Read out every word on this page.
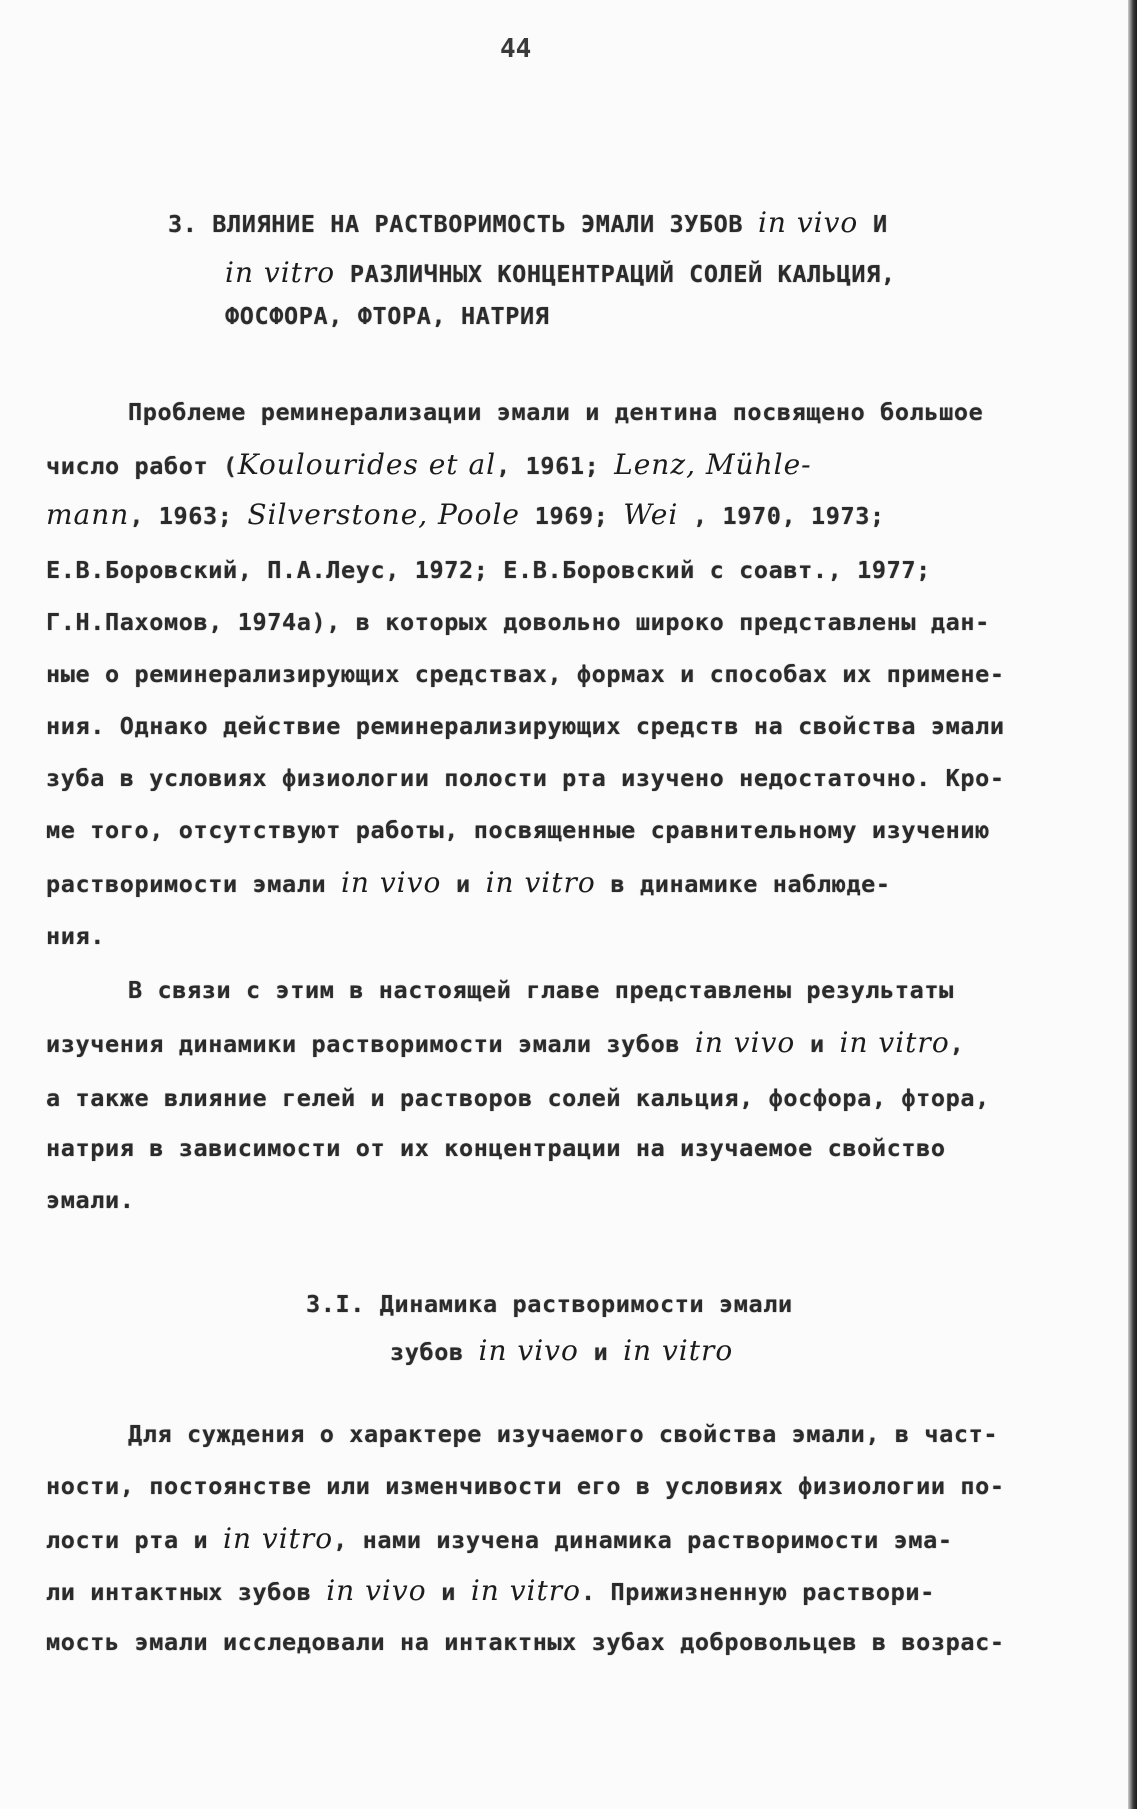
44
3. ВЛИЯНИЕ НА РАСТВОРИМОСТЬ ЭМАЛИ ЗУБОВ in vivo И
in vitro РАЗЛИЧНЫХ КОНЦЕНТРАЦИЙ СОЛЕЙ КАЛЬЦИЯ,
ФОСФОРА, ФТОРА, НАТРИЯ
Проблеме реминерализации эмали и дентина посвящено большое
число работ (Koulourides et al, 1961; Lenz, Mühle-
mann, 1963; Silverstone, Poole 1969; Wei , 1970, 1973;
Е.В.Боровский, П.А.Леус, 1972; Е.В.Боровский с соавт., 1977;
Г.Н.Пахомов, 1974а), в которых довольно широко представлены дан-
ные о реминерализирующих средствах, формах и способах их примене-
ния. Однако действие реминерализирующих средств на свойства эмали
зуба в условиях физиологии полости рта изучено недостаточно. Кро-
ме того, отсутствуют работы, посвященные сравнительному изучению
растворимости эмали in vivo и in vitro в динамике наблюде-
ния.
В связи с этим в настоящей главе представлены результаты
изучения динамики растворимости эмали зубов in vivo и in vitro,
а также влияние гелей и растворов солей кальция, фосфора, фтора,
натрия в зависимости от их концентрации на изучаемое свойство
эмали.
3.I. Динамика растворимости эмали
зубов in vivo и in vitro
Для суждения о характере изучаемого свойства эмали, в част-
ности, постоянстве или изменчивости его в условиях физиологии по-
лости рта и in vitro, нами изучена динамика растворимости эма-
ли интактных зубов in vivo и in vitro. Прижизненную раствори-
мость эмали исследовали на интактных зубах добровольцев в возрас-
